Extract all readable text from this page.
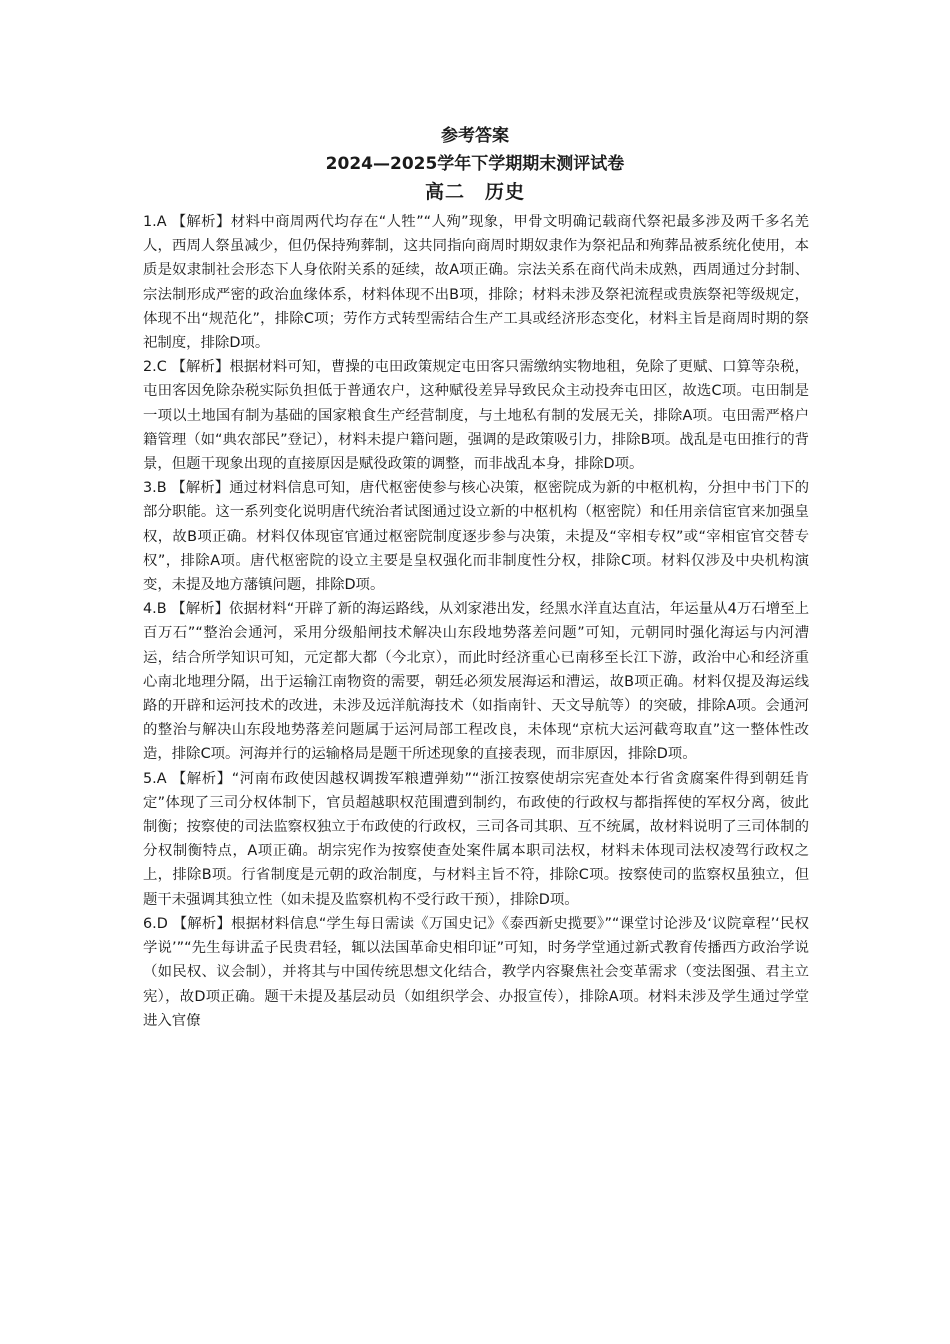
参考答案
2024—2025学年下学期期末测评试卷
高二　历史

1.A 【解析】材料中商周两代均存在“人牲”“人殉”现象，甲骨文明确记载商代祭祀最多涉及两千多名羌人，西周人祭虽减少，但仍保持殉葬制，这共同指向商周时期奴隶作为祭祀品和殉葬品被系统化使用，本质是奴隶制社会形态下人身依附关系的延续，故A项正确。宗法关系在商代尚未成熟，西周通过分封制、宗法制形成严密的政治血缘体系，材料体现不出B项，排除；材料未涉及祭祀流程或贵族祭祀等级规定，体现不出“规范化”，排除C项；劳作方式转型需结合生产工具或经济形态变化，材料主旨是商周时期的祭祀制度，排除D项。

2.C 【解析】根据材料可知，曹操的屯田政策规定屯田客只需缴纳实物地租，免除了更赋、口算等杂税，屯田客因免除杂税实际负担低于普通农户，这种赋役差异导致民众主动投奔屯田区，故选C项。屯田制是一项以土地国有制为基础的国家粮食生产经营制度，与土地私有制的发展无关，排除A项。屯田需严格户籍管理（如“典农部民”登记），材料未提户籍问题，强调的是政策吸引力，排除B项。战乱是屯田推行的背景，但题干现象出现的直接原因是赋役政策的调整，而非战乱本身，排除D项。

3.B 【解析】通过材料信息可知，唐代枢密使参与核心决策，枢密院成为新的中枢机构，分担中书门下的部分职能。这一系列变化说明唐代统治者试图通过设立新的中枢机构（枢密院）和任用亲信宦官来加强皇权，故B项正确。材料仅体现宦官通过枢密院制度逐步参与决策，未提及“宰相专权”或“宰相宦官交替专权”，排除A项。唐代枢密院的设立主要是皇权强化而非制度性分权，排除C项。材料仅涉及中央机构演变，未提及地方藩镇问题，排除D项。

4.B 【解析】依据材料“开辟了新的海运路线，从刘家港出发，经黑水洋直达直沽，年运量从4万石增至上百万石”“整治会通河，采用分级船闸技术解决山东段地势落差问题”可知，元朝同时强化海运与内河漕运，结合所学知识可知，元定都大都（今北京），而此时经济重心已南移至长江下游，政治中心和经济重心南北地理分隔，出于运输江南物资的需要，朝廷必须发展海运和漕运，故B项正确。材料仅提及海运线路的开辟和运河技术的改进，未涉及远洋航海技术（如指南针、天文导航等）的突破，排除A项。会通河的整治与解决山东段地势落差问题属于运河局部工程改良，未体现“京杭大运河截弯取直”这一整体性改造，排除C项。河海并行的运输格局是题干所述现象的直接表现，而非原因，排除D项。

5.A 【解析】“河南布政使因越权调拨军粮遭弹劾”“浙江按察使胡宗宪查处本行省贪腐案件得到朝廷肯定”体现了三司分权体制下，官员超越职权范围遭到制约，布政使的行政权与都指挥使的军权分离，彼此制衡；按察使的司法监察权独立于布政使的行政权，三司各司其职、互不统属，故材料说明了三司体制的分权制衡特点，A项正确。胡宗宪作为按察使查处案件属本职司法权，材料未体现司法权凌驾行政权之上，排除B项。行省制度是元朝的政治制度，与材料主旨不符，排除C项。按察使司的监察权虽独立，但题干未强调其独立性（如未提及监察机构不受行政干预），排除D项。

6.D 【解析】根据材料信息“学生每日需读《万国史记》《泰西新史揽要》”“课堂讨论涉及‘议院章程’‘民权学说’”“先生每讲孟子民贵君轻，辄以法国革命史相印证”可知，时务学堂通过新式教育传播西方政治学说（如民权、议会制），并将其与中国传统思想文化结合，教学内容聚焦社会变革需求（变法图强、君主立宪），故D项正确。题干未提及基层动员（如组织学会、办报宣传），排除A项。材料未涉及学生通过学堂进入官僚
